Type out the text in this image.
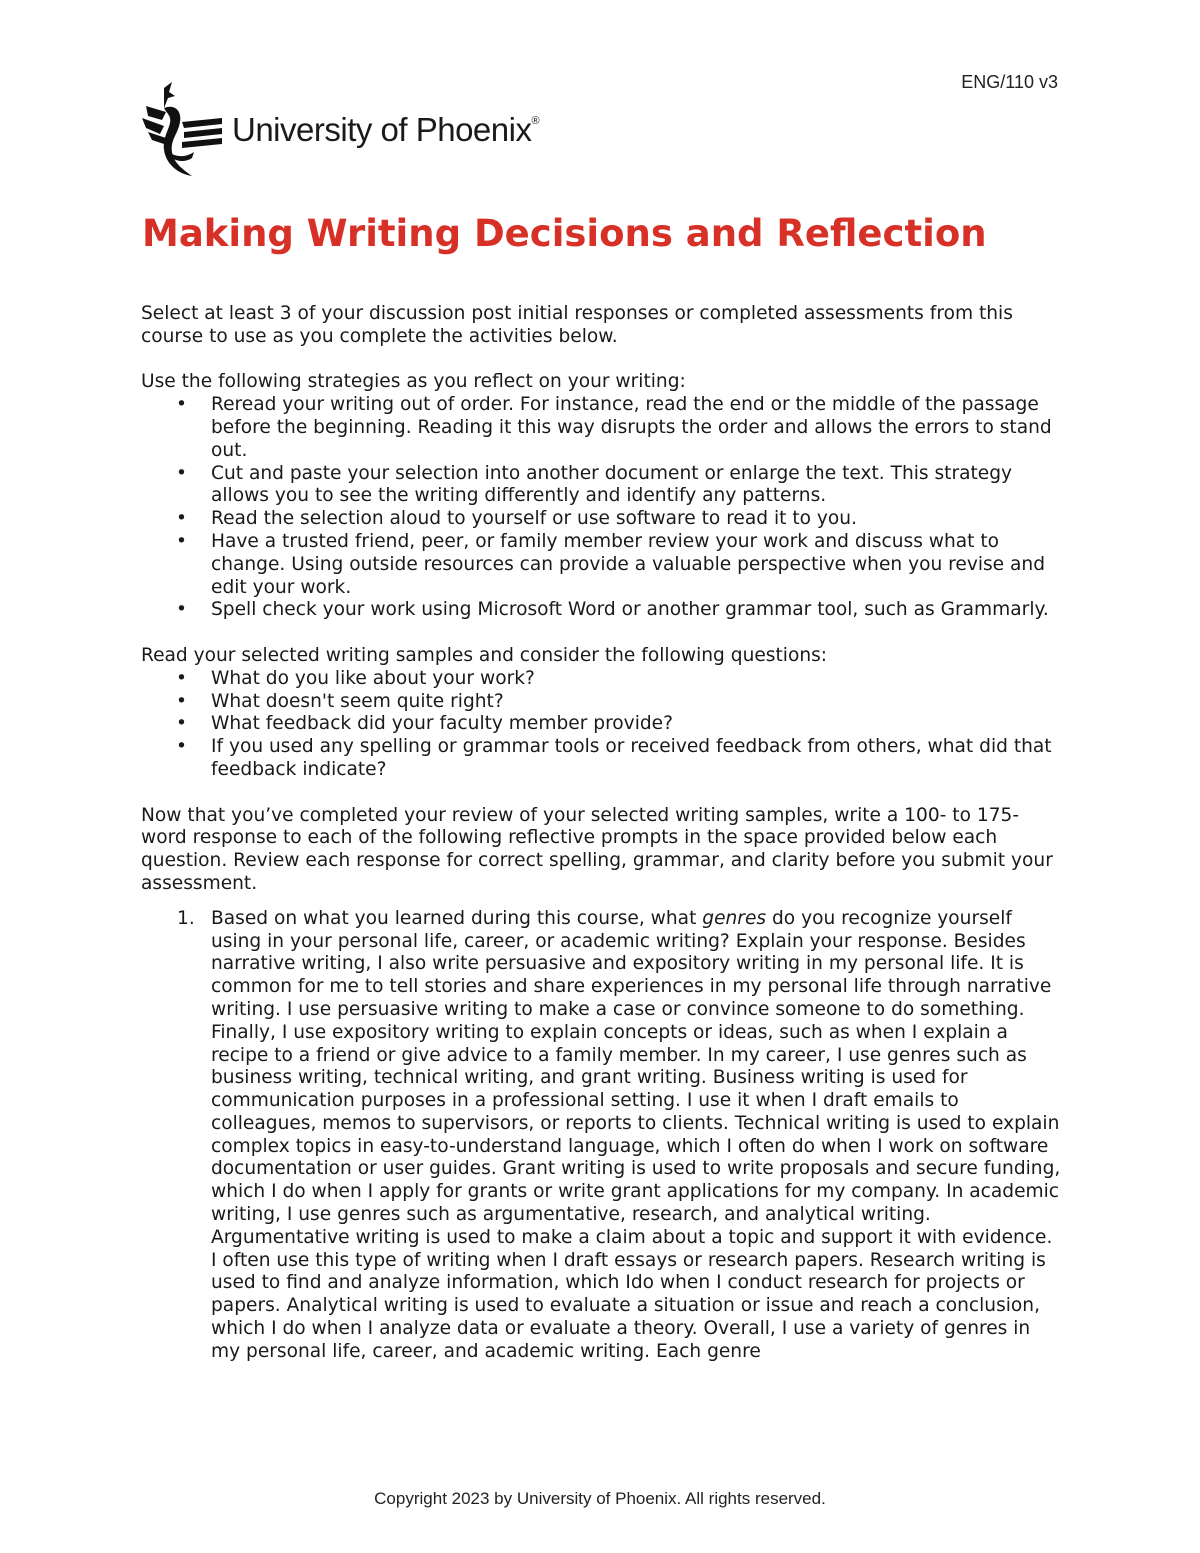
ENG/110 v3
University of Phoenix®
Making Writing Decisions and Reflection

Select at least 3 of your discussion post initial responses or completed assessments from this course to use as you complete the activities below.

Use the following strategies as you reflect on your writing:

• Reread your writing out of order. For instance, read the end or the middle of the passage before the beginning. Reading it this way disrupts the order and allows the errors to stand out.
• Cut and paste your selection into another document or enlarge the text. This strategy allows you to see the writing differently and identify any patterns.
• Read the selection aloud to yourself or use software to read it to you.
• Have a trusted friend, peer, or family member review your work and discuss what to change. Using outside resources can provide a valuable perspective when you revise and edit your work.
• Spell check your work using Microsoft Word or another grammar tool, such as Grammarly.

Read your selected writing samples and consider the following questions:

• What do you like about your work?
• What doesn't seem quite right?
• What feedback did your faculty member provide?
• If you used any spelling or grammar tools or received feedback from others, what did that feedback indicate?

Now that you’ve completed your review of your selected writing samples, write a 100- to 175-word response to each of the following reflective prompts in the space provided below each question. Review each response for correct spelling, grammar, and clarity before you submit your assessment.

1. Based on what you learned during this course, what genres do you recognize yourself using in your personal life, career, or academic writing? Explain your response. Besides narrative writing, I also write persuasive and expository writing in my personal life. It is common for me to tell stories and share experiences in my personal life through narrative writing. I use persuasive writing to make a case or convince someone to do something. Finally, I use expository writing to explain concepts or ideas, such as when I explain a recipe to a friend or give advice to a family member. In my career, I use genres such as business writing, technical writing, and grant writing. Business writing is used for communication purposes in a professional setting. I use it when I draft emails to colleagues, memos to supervisors, or reports to clients. Technical writing is used to explain complex topics in easy-to-understand language, which I often do when I work on software documentation or user guides. Grant writing is used to write proposals and secure funding, which I do when I apply for grants or write grant applications for my company. In academic writing, I use genres such as argumentative, research, and analytical writing. Argumentative writing is used to make a claim about a topic and support it with evidence. I often use this type of writing when I draft essays or research papers. Research writing is used to find and analyze information, which Ido when I conduct research for projects or papers. Analytical writing is used to evaluate a situation or issue and reach a conclusion, which I do when I analyze data or evaluate a theory. Overall, I use a variety of genres in my personal life, career, and academic writing. Each genre
Copyright 2023 by University of Phoenix. All rights reserved.
